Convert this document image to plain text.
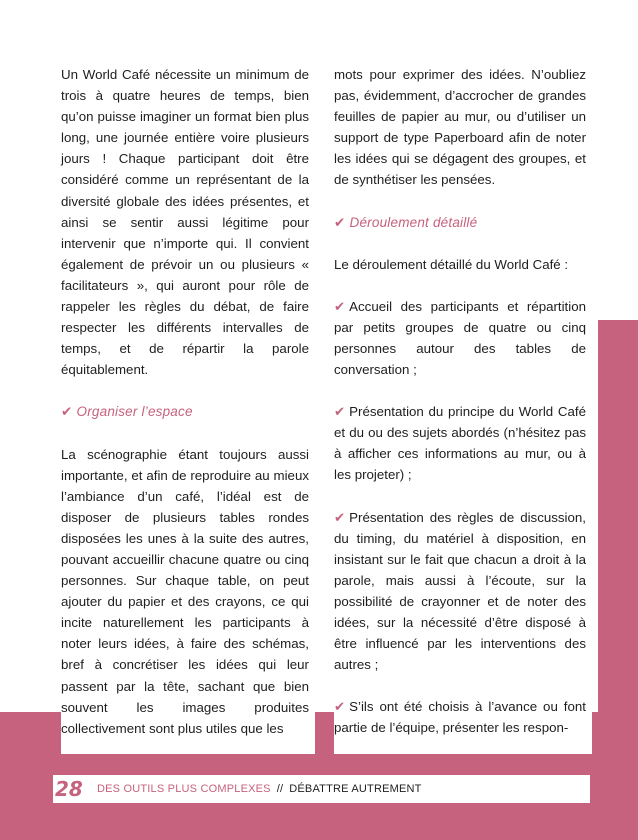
Un World Café nécessite un minimum de trois à quatre heures de temps, bien qu’on puisse imaginer un format bien plus long, une journée entière voire plusieurs jours ! Chaque participant doit être considéré comme un représentant de la diversité globale des idées présentes, et ainsi se sentir aussi légitime pour intervenir que n’importe qui. Il convient également de prévoir un ou plusieurs « facilitateurs », qui auront pour rôle de rappeler les règles du débat, de faire respecter les différents intervalles de temps, et de répartir la parole équitablement.

✔ Organiser l’espace

La scénographie étant toujours aussi importante, et afin de reproduire au mieux l’ambiance d’un café, l’idéal est de disposer de plusieurs tables rondes disposées les unes à la suite des autres, pouvant accueillir chacune quatre ou cinq personnes. Sur chaque table, on peut ajouter du papier et des crayons, ce qui incite naturellement les participants à noter leurs idées, à faire des schémas, bref à concrétiser les idées qui leur passent par la tête, sachant que bien souvent les images produites collectivement sont plus utiles que les

mots pour exprimer des idées. N’oubliez pas, évidemment, d’accrocher de grandes feuilles de papier au mur, ou d’utiliser un support de type Paperboard afin de noter les idées qui se dégagent des groupes, et de synthétiser les pensées.

✔ Déroulement détaillé

Le déroulement détaillé du World Café :

✔ Accueil des participants et répartition par petits groupes de quatre ou cinq personnes autour des tables de conversation ;

✔ Présentation du principe du World Café et du ou des sujets abordés (n’hésitez pas à afficher ces informations au mur, ou à les projeter) ;

✔ Présentation des règles de discussion, du timing, du matériel à disposition, en insistant sur le fait que chacun a droit à la parole, mais aussi à l’écoute, sur la possibilité de crayonner et de noter des idées, sur la nécessité d’être disposé à être influencé par les interventions des autres ;

✔ S’ils ont été choisis à l’avance ou font partie de l’équipe, présenter les respon-

28	DES OUTILS PLUS COMPLEXES // DÉBATTRE AUTREMENT
